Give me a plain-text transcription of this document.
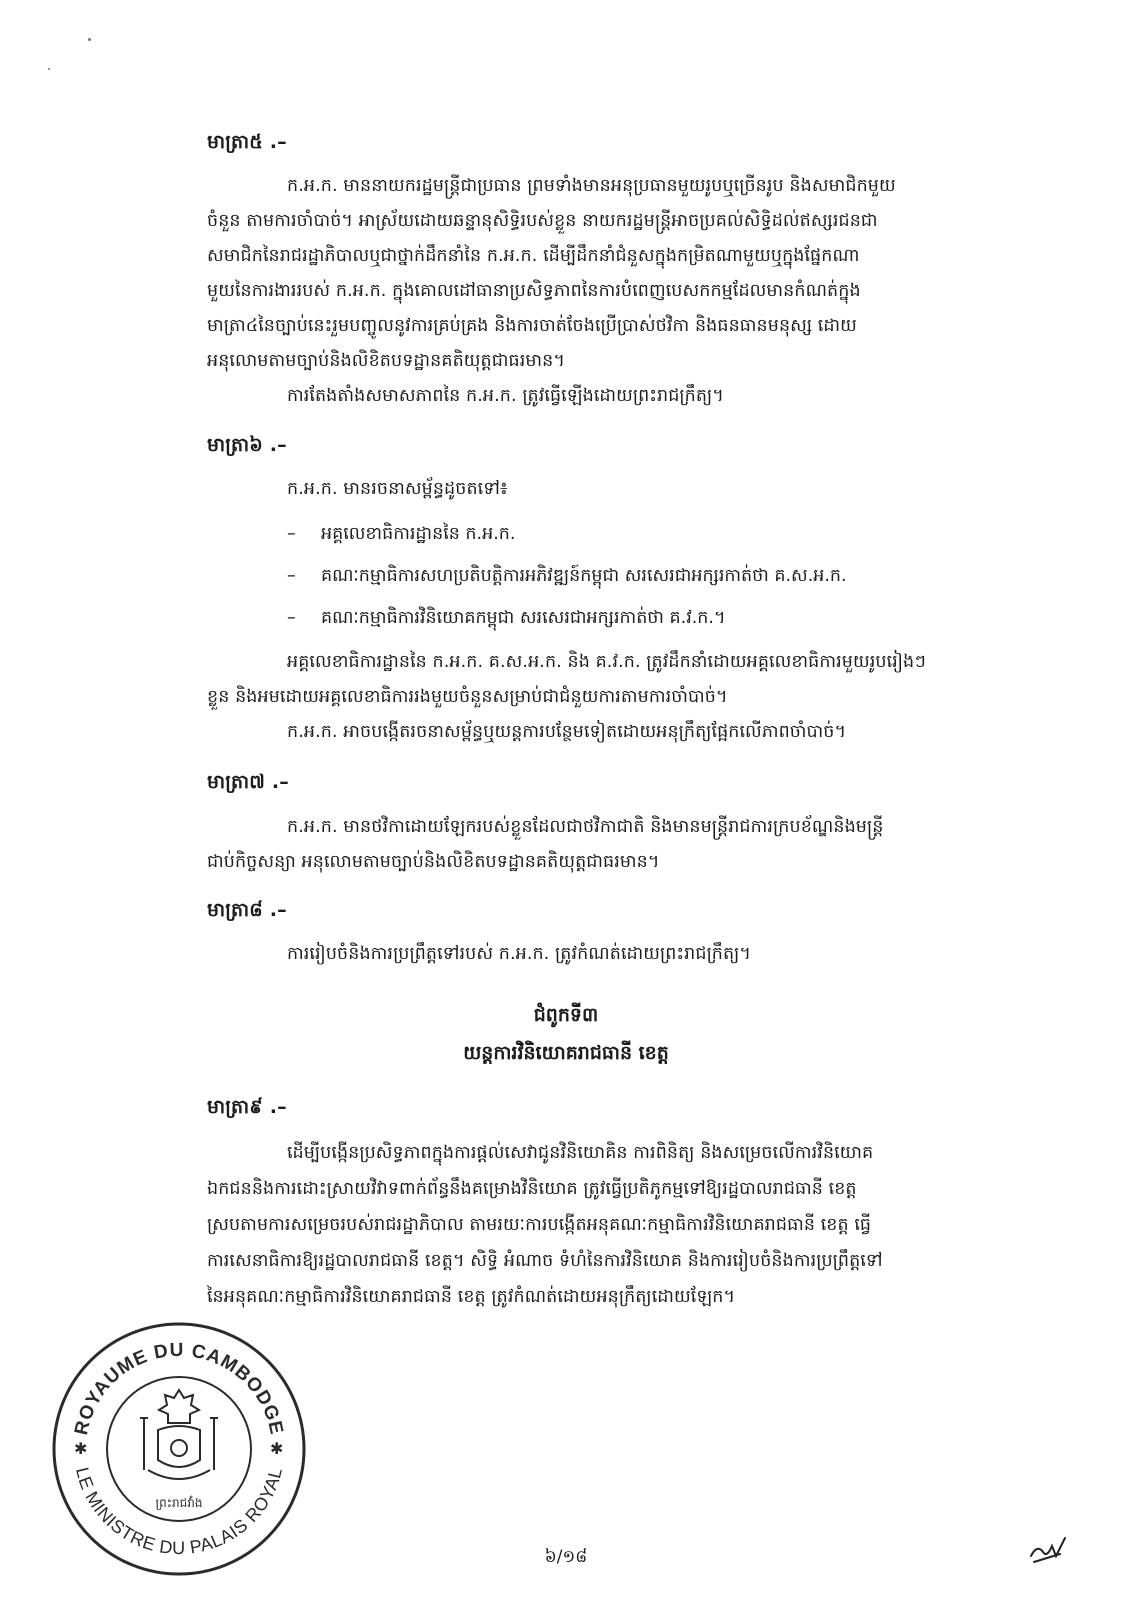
មាត្រា៥ .–
ក.អ.ក. មាននាយករដ្ឋមន្ត្រីជាប្រធាន ព្រមទាំងមានអនុប្រធានមួយរូបឬច្រើនរូប និងសមាជិកមួយ
ចំនួន តាមការចាំបាច់។ អាស្រ័យដោយឆន្ទានុសិទ្ធិរបស់ខ្លួន នាយករដ្ឋមន្ត្រីអាចប្រគល់សិទ្ធិដល់ឥស្សរជនជា
សមាជិកនៃរាជរដ្ឋាភិបាលឬជាថ្នាក់ដឹកនាំនៃ ក.អ.ក. ដើម្បីដឹកនាំជំនួសក្នុងកម្រិតណាមួយឬក្នុងផ្នែកណា
មួយនៃការងាររបស់ ក.អ.ក. ក្នុងគោលដៅធានាប្រសិទ្ធភាពនៃការបំពេញបេសកកម្មដែលមានកំណត់ក្នុង
មាត្រា៤នៃច្បាប់នេះរួមបញ្ចូលនូវការគ្រប់គ្រង និងការចាត់ចែងប្រើប្រាស់ថវិកា និងធនធានមនុស្ស ដោយ
អនុលោមតាមច្បាប់និងលិខិតបទដ្ឋានគតិយុត្តជាធរមាន។
ការតែងតាំងសមាសភាពនៃ ក.អ.ក. ត្រូវធ្វើឡើងដោយព្រះរាជក្រឹត្យ។
មាត្រា៦ .–
ក.អ.ក. មានរចនាសម្ព័ន្ធដូចតទៅ៖
– អគ្គលេខាធិការដ្ឋាននៃ ក.អ.ក.
– គណៈកម្មាធិការសហប្រតិបត្តិការអភិវឌ្ឍន៍កម្ពុជា សរសេរជាអក្សរកាត់ថា គ.ស.អ.ក.
– គណៈកម្មាធិការវិនិយោគកម្ពុជា សរសេរជាអក្សរកាត់ថា គ.វ.ក.។
អគ្គលេខាធិការដ្ឋាននៃ ក.អ.ក. គ.ស.អ.ក. និង គ.វ.ក. ត្រូវដឹកនាំដោយអគ្គលេខាធិការមួយរូបរៀងៗ
ខ្លួន និងអមដោយអគ្គលេខាធិការរងមួយចំនួនសម្រាប់ជាជំនួយការតាមការចាំបាច់។
ក.អ.ក. អាចបង្កើតរចនាសម្ព័ន្ធឬយន្តការបន្ថែមទៀតដោយអនុក្រឹត្យផ្អែកលើភាពចាំបាច់។
មាត្រា៧ .–
ក.អ.ក. មានថវិកាដោយឡែករបស់ខ្លួនដែលជាថវិកាជាតិ និងមានមន្ត្រីរាជការក្របខ័ណ្ឌនិងមន្ត្រី
ជាប់កិច្ចសន្យា អនុលោមតាមច្បាប់និងលិខិតបទដ្ឋានគតិយុត្តជាធរមាន។
មាត្រា៨ .–
ការរៀបចំនិងការប្រព្រឹត្តទៅរបស់ ក.អ.ក. ត្រូវកំណត់ដោយព្រះរាជក្រឹត្យ។
ជំពូកទី៣
យន្តការវិនិយោគរាជធានី ខេត្ត
មាត្រា៩ .–
ដើម្បីបង្កើនប្រសិទ្ធភាពក្នុងការផ្តល់សេវាជូនវិនិយោគិន ការពិនិត្យ និងសម្រេចលើការវិនិយោគ
ឯកជននិងការដោះស្រាយវិវាទពាក់ព័ន្ធនឹងគម្រោងវិនិយោគ ត្រូវធ្វើប្រតិភូកម្មទៅឱ្យរដ្ឋបាលរាជធានី ខេត្ត
ស្របតាមការសម្រេចរបស់រាជរដ្ឋាភិបាល តាមរយៈការបង្កើតអនុគណៈកម្មាធិការវិនិយោគរាជធានី ខេត្ត ធ្វើ
ការសេនាធិការឱ្យរដ្ឋបាលរាជធានី ខេត្ត។ សិទ្ធិ អំណាច ទំហំនៃការវិនិយោគ និងការរៀបចំនិងការប្រព្រឹត្តទៅ
នៃអនុគណៈកម្មាធិការវិនិយោគរាជធានី ខេត្ត ត្រូវកំណត់ដោយអនុក្រឹត្យដោយឡែក។
ROYAUME DU CAMBODGE
LE MINISTRE DU PALAIS ROYAL
✱	✱
ព្រះរាជវាំង
៦/១៨
